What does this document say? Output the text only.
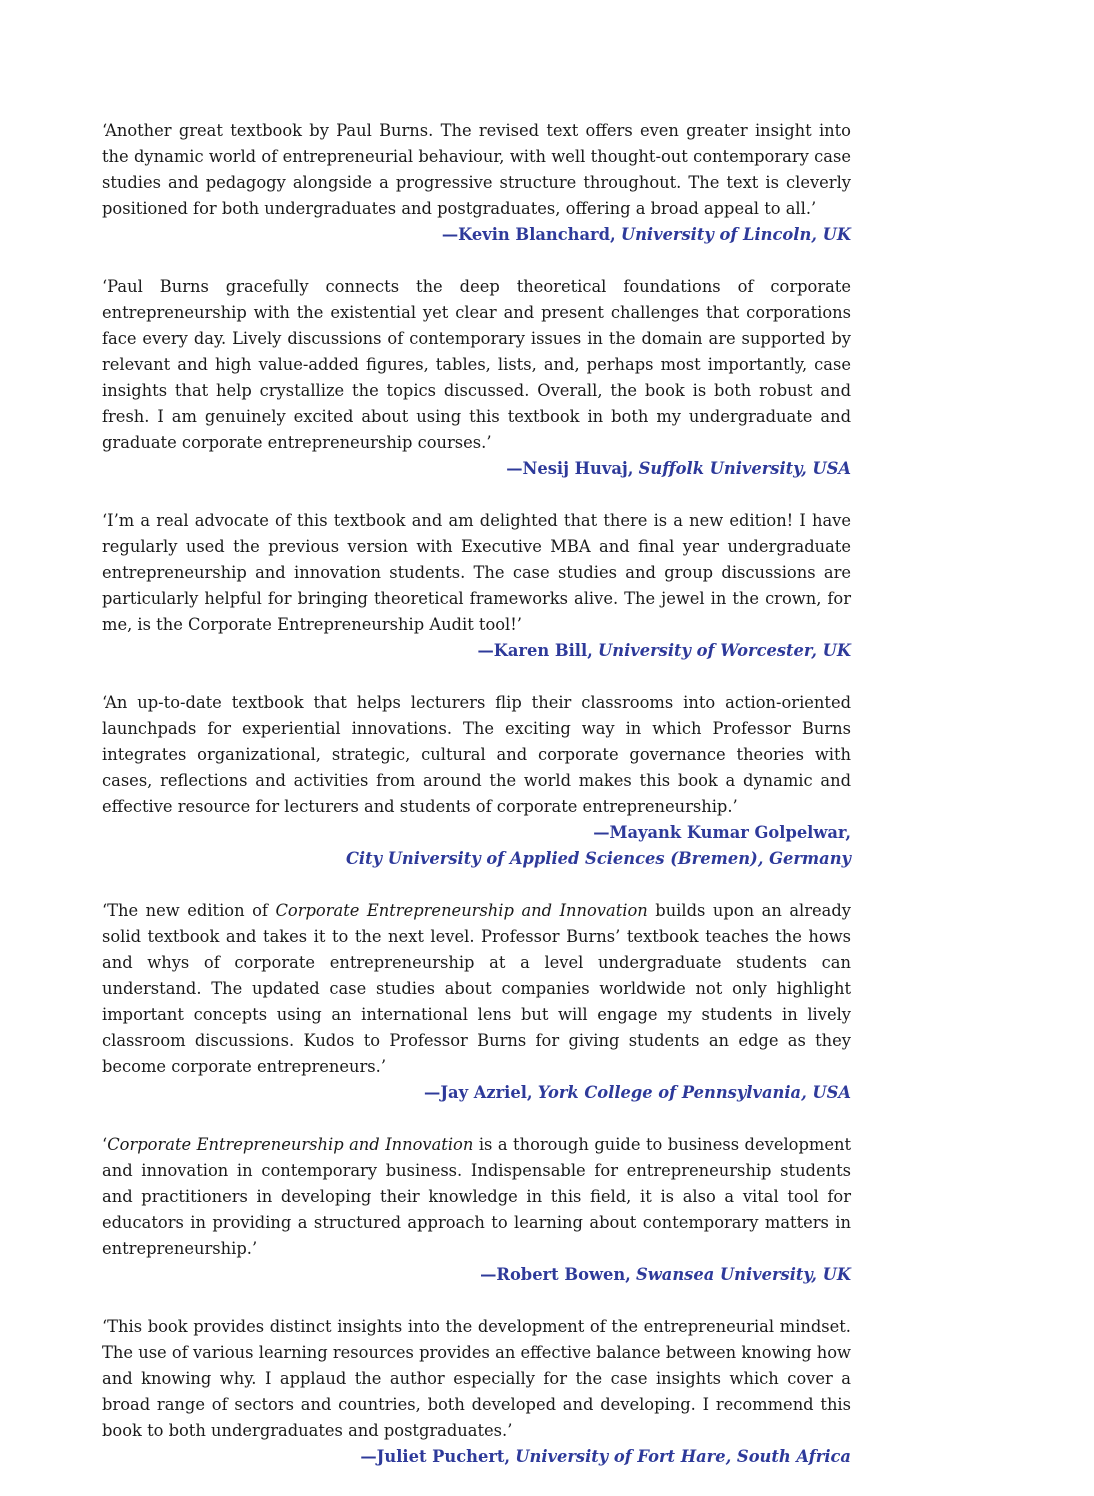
‘Another great textbook by Paul Burns. The revised text offers even greater insight into the dynamic world of entrepreneurial behaviour, with well thought-out contemporary case studies and pedagogy alongside a progressive structure throughout. The text is cleverly positioned for both undergraduates and postgraduates, offering a broad appeal to all.’

—Kevin Blanchard, University of Lincoln, UK

‘Paul Burns gracefully connects the deep theoretical foundations of corporate entrepreneurship with the existential yet clear and present challenges that corporations face every day. Lively discussions of contemporary issues in the domain are supported by relevant and high value-added figures, tables, lists, and, perhaps most importantly, case insights that help crystallize the topics discussed. Overall, the book is both robust and fresh. I am genuinely excited about using this textbook in both my undergraduate and graduate corporate entrepreneurship courses.’

—Nesij Huvaj, Suffolk University, USA

‘I’m a real advocate of this textbook and am delighted that there is a new edition! I have regularly used the previous version with Executive MBA and final year undergraduate entrepreneurship and innovation students. The case studies and group discussions are particularly helpful for bringing theoretical frameworks alive. The jewel in the crown, for me, is the Corporate Entrepreneurship Audit tool!’

—Karen Bill, University of Worcester, UK

‘An up-to-date textbook that helps lecturers flip their classrooms into action-oriented launchpads for experiential innovations. The exciting way in which Professor Burns integrates organizational, strategic, cultural and corporate governance theories with cases, reflections and activities from around the world makes this book a dynamic and effective resource for lecturers and students of corporate entrepreneurship.’

—Mayank Kumar Golpelwar,
City University of Applied Sciences (Bremen), Germany

‘The new edition of Corporate Entrepreneurship and Innovation builds upon an already solid textbook and takes it to the next level. Professor Burns’ textbook teaches the hows and whys of corporate entrepreneurship at a level undergraduate students can understand. The updated case studies about companies worldwide not only highlight important concepts using an international lens but will engage my students in lively classroom discussions. Kudos to Professor Burns for giving students an edge as they become corporate entrepreneurs.’

—Jay Azriel, York College of Pennsylvania, USA

‘Corporate Entrepreneurship and Innovation is a thorough guide to business development and innovation in contemporary business. Indispensable for entrepreneurship students and practitioners in developing their knowledge in this field, it is also a vital tool for educators in providing a structured approach to learning about contemporary matters in entrepreneurship.’

—Robert Bowen, Swansea University, UK

‘This book provides distinct insights into the development of the entrepreneurial mindset. The use of various learning resources provides an effective balance between knowing how and knowing why. I applaud the author especially for the case insights which cover a broad range of sectors and countries, both developed and developing. I recommend this book to both undergraduates and postgraduates.’

—Juliet Puchert, University of Fort Hare, South Africa
